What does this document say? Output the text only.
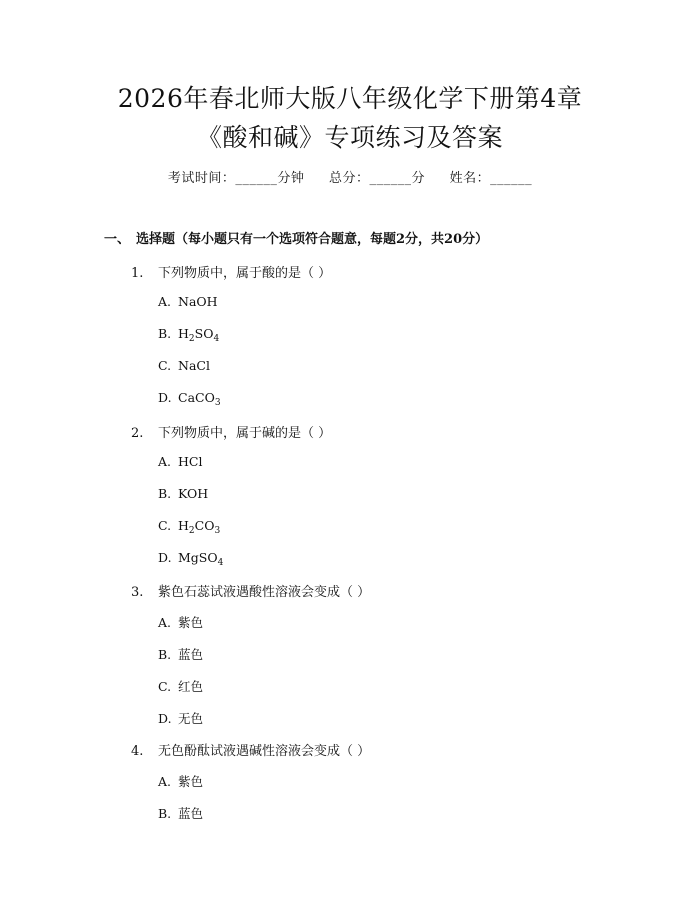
2026年春北师大版八年级化学下册第4章
《酸和碱》专项练习及答案
考试时间：______分钟 总分：______分 姓名：______
一、 选择题（每小题只有一个选项符合题意，每题2分，共20分）
1. 下列物质中，属于酸的是（ ）
A. NaOH
B. $H_2SO_4$
C. NaCl
D. CaCO$_3$
2. 下列物质中，属于碱的是（ ）
A. HCl
B. KOH
C. $H_2CO_3$
D. MgSO$_4$
3. 紫色石蕊试液遇酸性溶液会变成（ ）
A. 紫色
B. 蓝色
C. 红色
D. 无色
4. 无色酚酞试液遇碱性溶液会变成（ ）
A. 紫色
B. 蓝色
